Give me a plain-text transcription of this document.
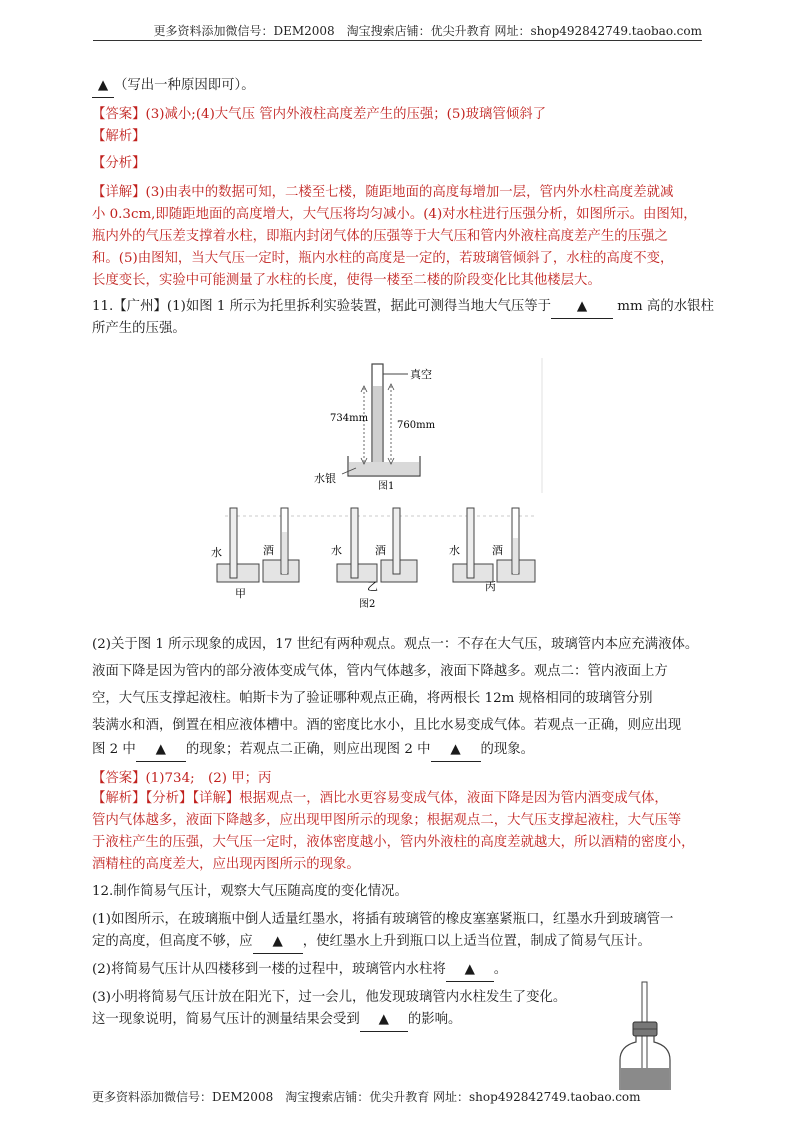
更多资料添加微信号：DEM2008　淘宝搜索店铺：优尖升教育 网址：shop492842749.taobao.com
▲ （写出一种原因即可）。
【答案】(3)减小;(4)大气压 管内外液柱高度差产生的压强；(5)玻璃管倾斜了
【解析】
【分析】
【详解】(3)由表中的数据可知，二楼至七楼，随距地面的高度每增加一层，管内外水柱高度差就减
小 0.3cm,即随距地面的高度增大，大气压将均匀减小。(4)对水柱进行压强分析，如图所示。由图知，
瓶内外的气压差支撑着水柱，即瓶内封闭气体的压强等于大气压和管内外液柱高度差产生的压强之
和。(5)由图知，当大气压一定时，瓶内水柱的高度是一定的，若玻璃管倾斜了，水柱的高度不变，
长度变长，实验中可能测量了水柱的长度，使得一楼至二楼的阶段变化比其他楼层大。
11.【广州】(1)如图 1 所示为托里拆利实验装置，据此可测得当地大气压等于 ▲ mm 高的水银柱
所产生的压强。
真空
734mm
760mm
水银
图1
水	酒
甲
水	酒
乙
图2
水	酒
丙
(2)关于图 1 所示现象的成因，17 世纪有两种观点。观点一：不存在大气压，玻璃管内本应充满液体。
液面下降是因为管内的部分液体变成气体，管内气体越多，液面下降越多。观点二：管内液面上方
空，大气压支撑起液柱。帕斯卡为了验证哪种观点正确，将两根长 12m 规格相同的玻璃管分别
装满水和酒，倒置在相应液体槽中。酒的密度比水小，且比水易变成气体。若观点一正确，则应出现
图 2 中 ▲ 的现象；若观点二正确，则应出现图 2 中 ▲ 的现象。
【答案】(1)734;　(2) 甲；丙
【解析】【分析】【详解】根据观点一，酒比水更容易变成气体，液面下降是因为管内酒变成气体，
管内气体越多，液面下降越多，应出现甲图所示的现象；根据观点二，大气压支撑起液柱，大气压等
于液柱产生的压强，大气压一定时，液体密度越小，管内外液柱的高度差就越大，所以酒精的密度小，
酒精柱的高度差大，应出现丙图所示的现象。
12.制作简易气压计，观察大气压随高度的变化情况。
(1)如图所示，在玻璃瓶中倒人适量红墨水，将插有玻璃管的橡皮塞塞紧瓶口，红墨水升到玻璃管一
定的高度，但高度不够，应 ▲ ，使红墨水上升到瓶口以上适当位置，制成了简易气压计。
(2)将简易气压计从四楼移到一楼的过程中，玻璃管内水柱将 ▲ 。
(3)小明将简易气压计放在阳光下，过一会儿，他发现玻璃管内水柱发生了变化。
这一现象说明，简易气压计的测量结果会受到 ▲ 的影响。
更多资料添加微信号：DEM2008　淘宝搜索店铺：优尖升教育 网址：shop492842749.taobao.com
